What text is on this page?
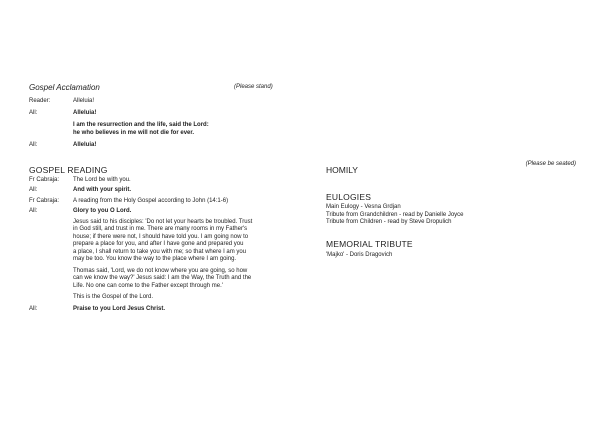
Gospel Acclamation	(Please stand)
Reader:	Alleluia!
All:	Alleluia!
I am the resurrection and the life, said the Lord:
he who believes in me will not die for ever.
All:	Alleluia!
GOSPEL READING
Fr Cabraja:	The Lord be with you.
All:	And with your spirit.
Fr Cabraja:	A reading from the Holy Gospel according to John (14:1-6)
All:	Glory to you O Lord.
Jesus said to his disciples: 'Do not let your hearts be troubled. Trust
in God still, and trust in me. There are many rooms in my Father's
house; if there were not, I should have told you. I am going now to
prepare a place for you, and after I have gone and prepared you
a place, I shall return to take you with me; so that where I am you
may be too. You know the way to the place where I am going.
Thomas said, 'Lord, we do not know where you are going, so how
can we know the way?' Jesus said: I am the Way, the Truth and the
Life. No one can come to the Father except through me.'
This is the Gospel of the Lord.
All:	Praise to you Lord Jesus Christ.
HOMILY
(Please be seated)
EULOGIES
Main Eulogy - Vesna Grdjan
Tribute from Grandchildren - read by Danielle Joyce
Tribute from Children - read by Steve Dropulich
MEMORIAL TRIBUTE
'Majko' - Doris Dragovich
